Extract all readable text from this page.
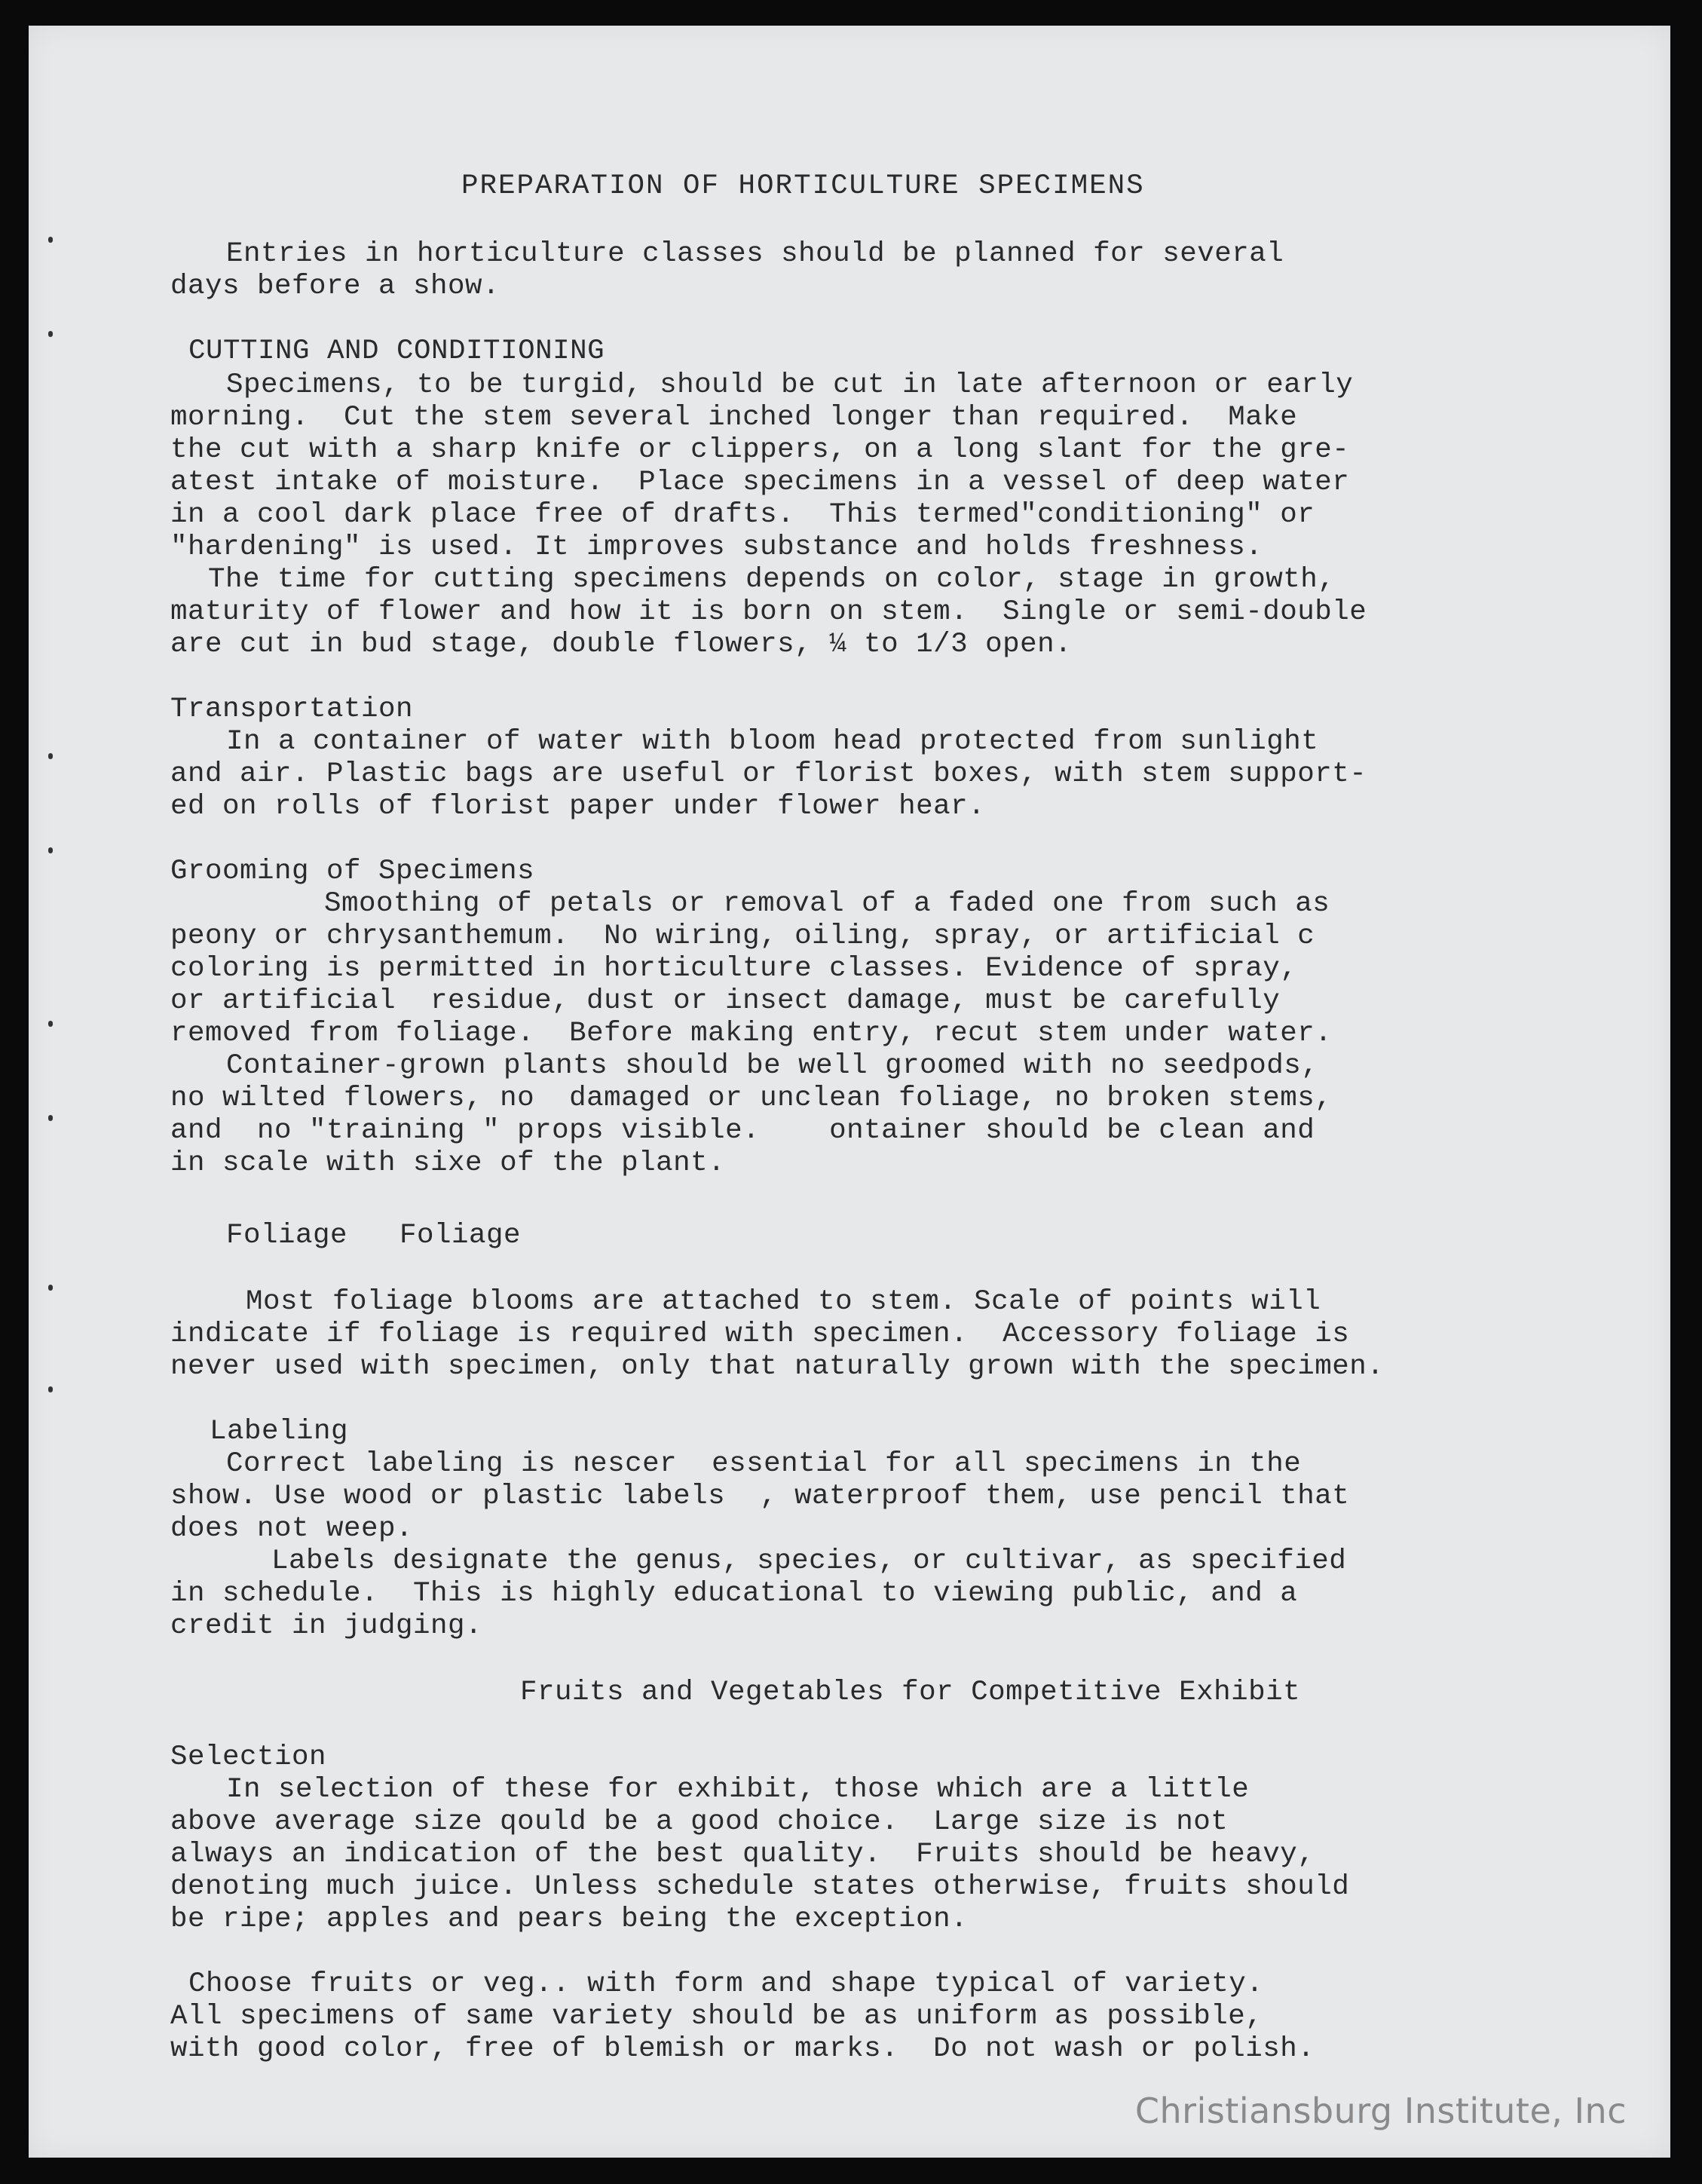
PREPARATION OF HORTICULTURE SPECIMENS
Entries in horticulture classes should be planned for several
days before a show.
CUTTING AND CONDITIONING
Specimens, to be turgid, should be cut in late afternoon or early
morning.  Cut the stem several inched longer than required.  Make
the cut with a sharp knife or clippers, on a long slant for the gre-
atest intake of moisture.  Place specimens in a vessel of deep water
in a cool dark place free of drafts.  This termed"conditioning" or
"hardening" is used. It improves substance and holds freshness.
The time for cutting specimens depends on color, stage in growth,
maturity of flower and how it is born on stem.  Single or semi-double
are cut in bud stage, double flowers, ¼ to 1/3 open.
Transportation
In a container of water with bloom head protected from sunlight
and air. Plastic bags are useful or florist boxes, with stem support-
ed on rolls of florist paper under flower hear.
Grooming of Specimens
Smoothing of petals or removal of a faded one from such as
peony or chrysanthemum.  No wiring, oiling, spray, or artificial c
coloring is permitted in horticulture classes. Evidence of spray,
or artificial  residue, dust or insect damage, must be carefully
removed from foliage.  Before making entry, recut stem under water.
Container-grown plants should be well groomed with no seedpods,
no wilted flowers, no  damaged or unclean foliage, no broken stems,
and  no "training " props visible.    ontainer should be clean and
in scale with sixe of the plant.
Foliage   Foliage
Most foliage blooms are attached to stem. Scale of points will
indicate if foliage is required with specimen.  Accessory foliage is
never used with specimen, only that naturally grown with the specimen.
Labeling
Correct labeling is nescer  essential for all specimens in the
show. Use wood or plastic labels  , waterproof them, use pencil that
does not weep.
Labels designate the genus, species, or cultivar, as specified
in schedule.  This is highly educational to viewing public, and a
credit in judging.
Fruits and Vegetables for Competitive Exhibit
Selection
In selection of these for exhibit, those which are a little
above average size qould be a good choice.  Large size is not
always an indication of the best quality.  Fruits should be heavy,
denoting much juice. Unless schedule states otherwise, fruits should
be ripe; apples and pears being the exception.
Choose fruits or veg.. with form and shape typical of variety.
All specimens of same variety should be as uniform as possible,
with good color, free of blemish or marks.  Do not wash or polish.
Christiansburg Institute, Inc
